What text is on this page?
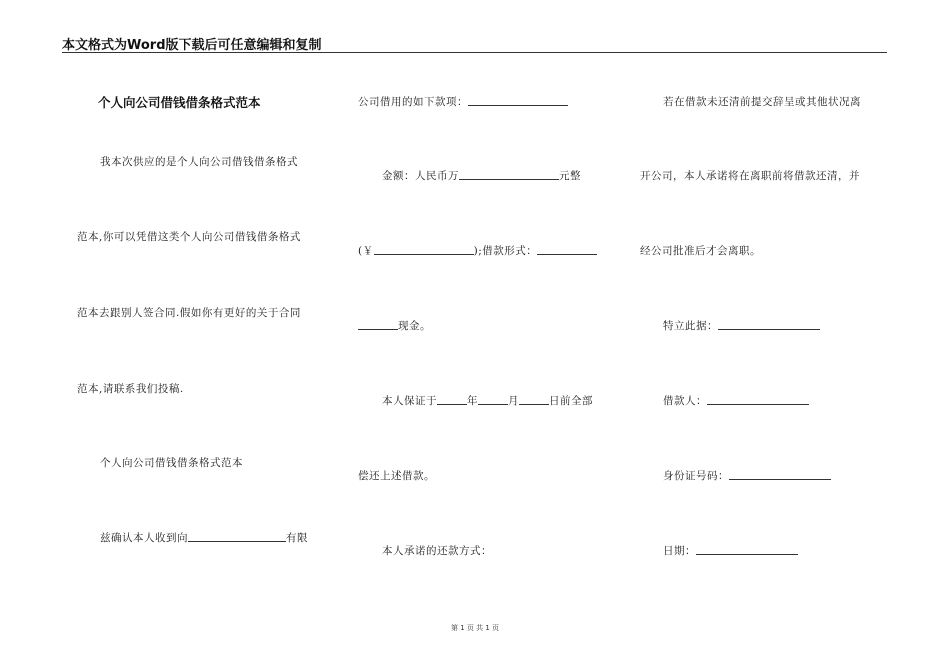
本文格式为Word版下载后可任意编辑和复制
个人向公司借钱借条格式范本
我本次供应的是个人向公司借钱借条格式
范本,你可以凭借这类个人向公司借钱借条格式
范本去跟别人签合同.假如你有更好的关于合同
范本,请联系我们投稿.
个人向公司借钱借条格式范本
兹确认本人收到向	有限
公司借用的如下款项：
金额：人民币万	元整
(￥	);借款形式：
现金。
本人保证于	年	月	日前全部
偿还上述借款。
本人承诺的还款方式：
若在借款未还清前提交辞呈或其他状况离
开公司，本人承诺将在离职前将借款还清，并
经公司批准后才会离职。
特立此据：
借款人：
身份证号码：
日期：
第 1 页 共 1 页
